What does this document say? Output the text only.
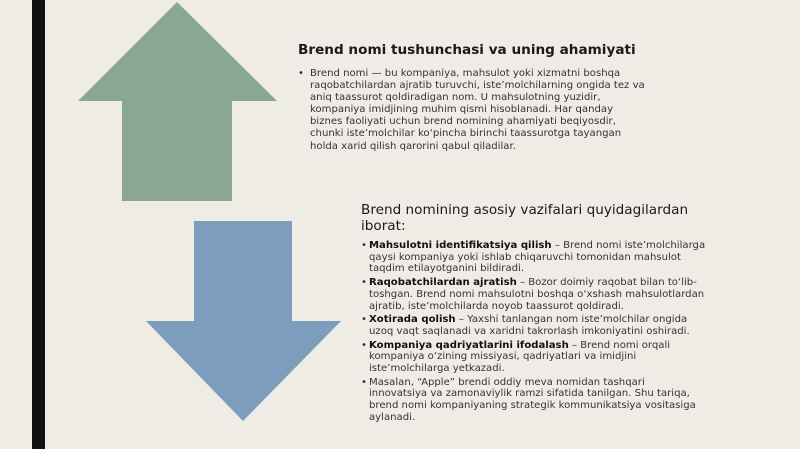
Brend nomi tushunchasi va uning ahamiyati
• Brend nomi — bu kompaniya, mahsulot yoki xizmatni boshqa raqobatchilardan ajratib turuvchi, iste’molchilarning ongida tez va aniq taassurot qoldiradigan nom. U mahsulotning yuzidir, kompaniya imidjining muhim qismi hisoblanadi. Har qanday biznes faoliyati uchun brend nomining ahamiyati beqiyosdir, chunki iste’molchilar ko‘pincha birinchi taassurotga tayangan holda xarid qilish qarorini qabul qiladilar.
Brend nomining asosiy vazifalari quyidagilardan iborat:
• Mahsulotni identifikatsiya qilish – Brend nomi iste’molchilarga qaysi kompaniya yoki ishlab chiqaruvchi tomonidan mahsulot taqdim etilayotganini bildiradi.
• Raqobatchilardan ajratish – Bozor doimiy raqobat bilan to‘lib-toshgan. Brend nomi mahsulotni boshqa o‘xshash mahsulotlardan ajratib, iste’molchilarda noyob taassurot qoldiradi.
• Xotirada qolish – Yaxshi tanlangan nom iste’molchilar ongida uzoq vaqt saqlanadi va xaridni takrorlash imkoniyatini oshiradi.
• Kompaniya qadriyatlarini ifodalash – Brend nomi orqali kompaniya o‘zining missiyasi, qadriyatlari va imidjini iste’molchilarga yetkazadi.
• Masalan, “Apple” brendi oddiy meva nomidan tashqari innovatsiya va zamonaviylik ramzi sifatida tanilgan. Shu tariqa, brend nomi kompaniyaning strategik kommunikatsiya vositasiga aylanadi.
